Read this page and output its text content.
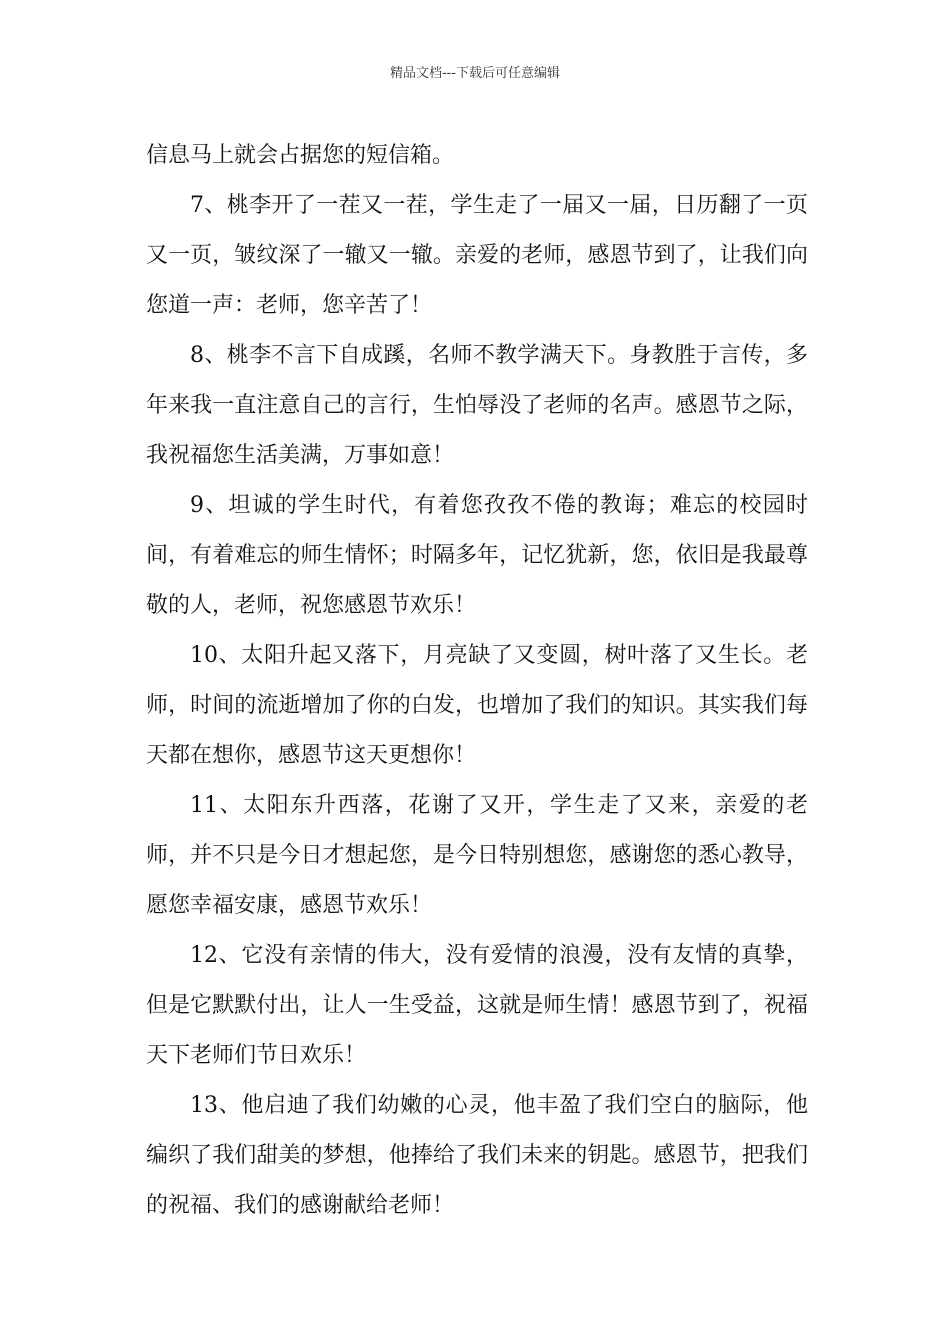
精品文档---下载后可任意编辑

信息马上就会占据您的短信箱。

7、桃李开了一茬又一茬，学生走了一届又一届，日历翻了一页又一页，皱纹深了一辙又一辙。亲爱的老师，感恩节到了，让我们向您道一声：老师，您辛苦了！

8、桃李不言下自成蹊，名师不教学满天下。身教胜于言传，多年来我一直注意自己的言行，生怕辱没了老师的名声。感恩节之际，我祝福您生活美满，万事如意！

9、坦诚的学生时代，有着您孜孜不倦的教诲；难忘的校园时间，有着难忘的师生情怀；时隔多年，记忆犹新，您，依旧是我最尊敬的人，老师，祝您感恩节欢乐！

10、太阳升起又落下，月亮缺了又变圆，树叶落了又生长。老师，时间的流逝增加了你的白发，也增加了我们的知识。其实我们每天都在想你，感恩节这天更想你！

11、太阳东升西落，花谢了又开，学生走了又来，亲爱的老师，并不只是今日才想起您，是今日特别想您，感谢您的悉心教导，愿您幸福安康，感恩节欢乐！

12、它没有亲情的伟大，没有爱情的浪漫，没有友情的真挚，但是它默默付出，让人一生受益，这就是师生情！感恩节到了，祝福天下老师们节日欢乐！

13、他启迪了我们幼嫩的心灵，他丰盈了我们空白的脑际，他编织了我们甜美的梦想，他捧给了我们未来的钥匙。感恩节，把我们的祝福、我们的感谢献给老师！
